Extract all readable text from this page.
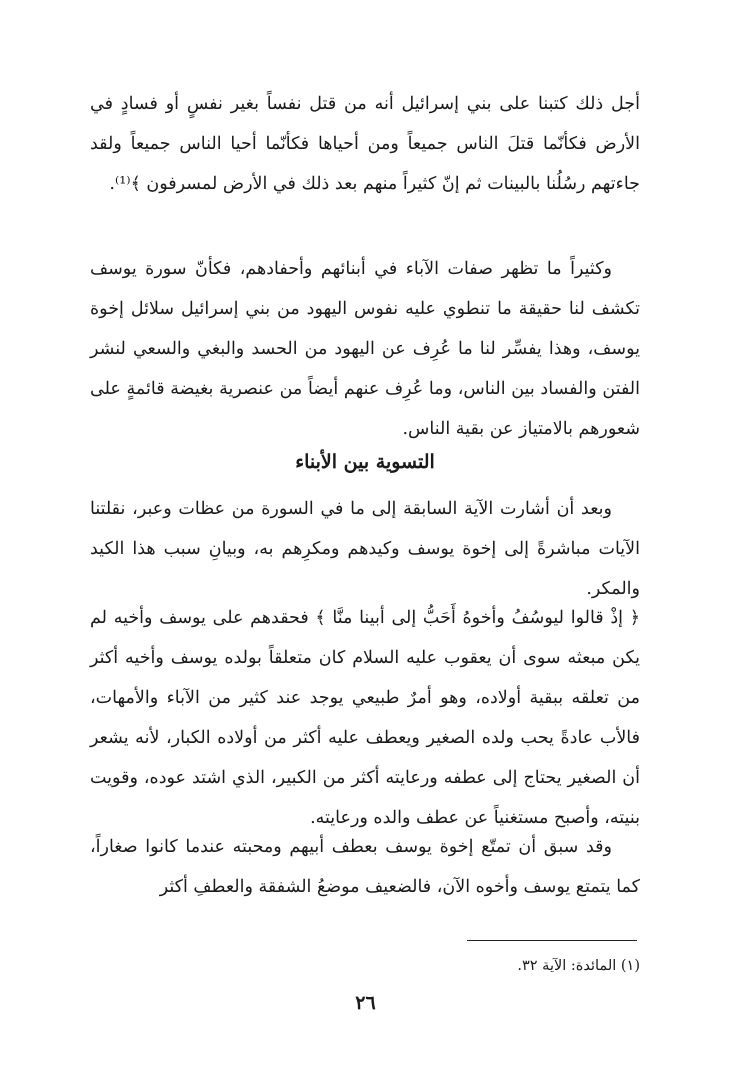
أجل ذلك كتبنا على بني إسرائيل أنه من قتل نفساً بغير نفسٍ أو فسادٍ في الأرض فكأنّما قتلَ الناس جميعاً ومن أحياها فكأنّما أحيا الناس جميعاً ولقد جاءتهم رسُلُنا بالبينات ثم إنّ كثيراً منهم بعد ذلك في الأرض لمسرفون ﴾⁽¹⁾.

وكثيراً ما تظهر صفات الآباء في أبنائهم وأحفادهم، فكأنّ سورة يوسف تكشف لنا حقيقة ما تنطوي عليه نفوس اليهود من بني إسرائيل سلائل إخوة يوسف، وهذا يفسِّر لنا ما عُرِف عن اليهود من الحسد والبغي والسعي لنشر الفتن والفساد بين الناس، وما عُرِف عنهم أيضاً من عنصرية بغيضة قائمةٍ على شعورهم بالامتياز عن بقية الناس.

التسوية بين الأبناء

وبعد أن أشارت الآية السابقة إلى ما في السورة من عظات وعبر، نقلتنا الآيات مباشرةً إلى إخوة يوسف وكيدهم ومكرِهم به، وبيانِ سبب هذا الكيد والمكر.

﴿ إذْ قالوا ليوسُفُ وأخوهُ أَحَبُّ إلى أبينا منَّا ﴾ فحقدهم على يوسف وأخيه لم يكن مبعثه سوى أن يعقوب عليه السلام كان متعلقاً بولده يوسف وأخيه أكثر من تعلقه ببقية أولاده، وهو أمرٌ طبيعي يوجد عند كثير من الآباء والأمهات، فالأب عادةً يحب ولده الصغير ويعطف عليه أكثر من أولاده الكبار، لأنه يشعر أن الصغير يحتاج إلى عطفه ورعايته أكثر من الكبير، الذي اشتد عوده، وقويت بنيته، وأصبح مستغنياً عن عطف والده ورعايته.

وقد سبق أن تمتّع إخوة يوسف بعطف أبيهم ومحبته عندما كانوا صغاراً، كما يتمتع يوسف وأخوه الآن، فالضعيف موضعُ الشفقة والعطفِ أكثر

(١) المائدة: الآية ٣٢.

٢٦
